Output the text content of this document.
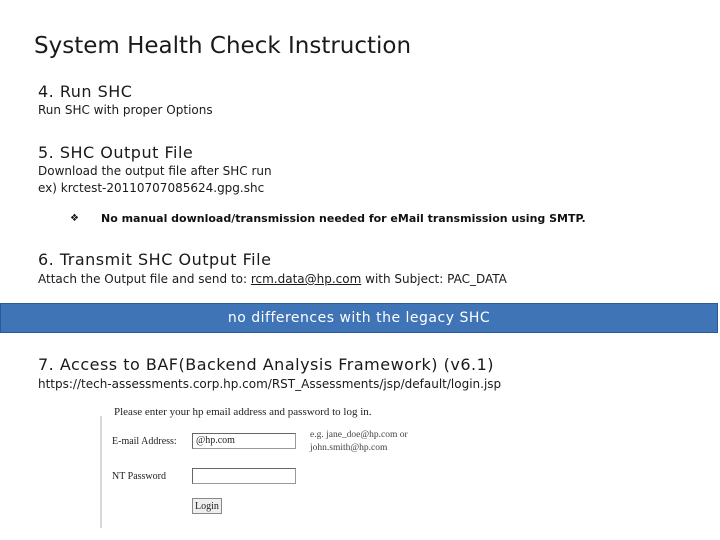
System Health Check Instruction
4. Run SHC
Run SHC with proper Options
5. SHC Output File
Download the output file after SHC run
ex) krctest-20110707085624.gpg.shc
❖ No manual download/transmission needed for eMail transmission using SMTP.
6. Transmit SHC Output File
Attach the Output file and send to: rcm.data@hp.com with Subject: PAC_DATA
no differences with the legacy SHC
7. Access to BAF(Backend Analysis Framework) (v6.1)
https://tech-assessments.corp.hp.com/RST_Assessments/jsp/default/login.jsp
Please enter your hp email address and password to log in.
E-mail Address:	@hp.com	e.g. jane_doe@hp.com or
john.smith@hp.com
NT Password
Login
